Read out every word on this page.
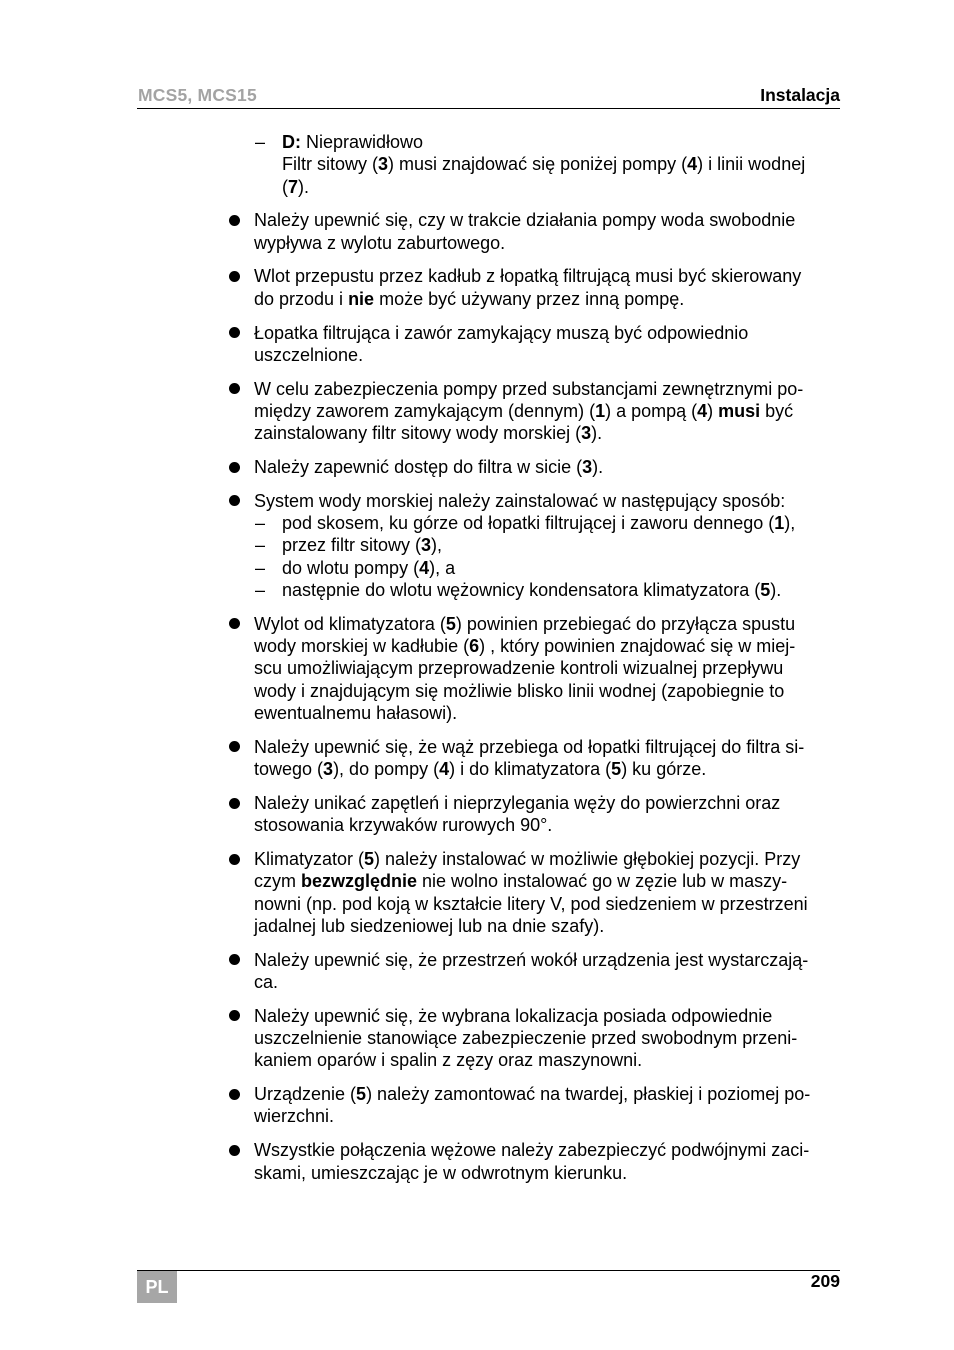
MCS5, MCS15	Instalacja
– D: Nieprawidłowo
Filtr sitowy (3) musi znajdować się poniżej pompy (4) i linii wodnej
(7).
Należy upewnić się, czy w trakcie działania pompy woda swobodnie
wypływa z wylotu zaburtowego.
Wlot przepustu przez kadłub z łopatką filtrującą musi być skierowany
do przodu i nie może być używany przez inną pompę.
Łopatka filtrująca i zawór zamykający muszą być odpowiednio
uszczelnione.
W celu zabezpieczenia pompy przed substancjami zewnętrznymi po-
między zaworem zamykającym (dennym) (1) a pompą (4) musi być
zainstalowany filtr sitowy wody morskiej (3).
Należy zapewnić dostęp do filtra w sicie (3).
System wody morskiej należy zainstalować w następujący sposób:
– pod skosem, ku górze od łopatki filtrującej i zaworu dennego (1),
– przez filtr sitowy (3),
– do wlotu pompy (4), a
– następnie do wlotu wężownicy kondensatora klimatyzatora (5).
Wylot od klimatyzatora (5) powinien przebiegać do przyłącza spustu
wody morskiej w kadłubie (6) , który powinien znajdować się w miej-
scu umożliwiającym przeprowadzenie kontroli wizualnej przepływu
wody i znajdującym się możliwie blisko linii wodnej (zapobiegnie to
ewentualnemu hałasowi).
Należy upewnić się, że wąż przebiega od łopatki filtrującej do filtra si-
towego (3), do pompy (4) i do klimatyzatora (5) ku górze.
Należy unikać zapętleń i nieprzylegania węży do powierzchni oraz
stosowania krzywaków rurowych 90°.
Klimatyzator (5) należy instalować w możliwie głębokiej pozycji. Przy
czym bezwzględnie nie wolno instalować go w zęzie lub w maszy-
nowni (np. pod koją w kształcie litery V, pod siedzeniem w przestrzeni
jadalnej lub siedzeniowej lub na dnie szafy).
Należy upewnić się, że przestrzeń wokół urządzenia jest wystarczają-
ca.
Należy upewnić się, że wybrana lokalizacja posiada odpowiednie
uszczelnienie stanowiące zabezpieczenie przed swobodnym przeni-
kaniem oparów i spalin z zęzy oraz maszynowni.
Urządzenie (5) należy zamontować na twardej, płaskiej i poziomej po-
wierzchni.
Wszystkie połączenia wężowe należy zabezpieczyć podwójnymi zaci-
skami, umieszczając je w odwrotnym kierunku.
PL	209
